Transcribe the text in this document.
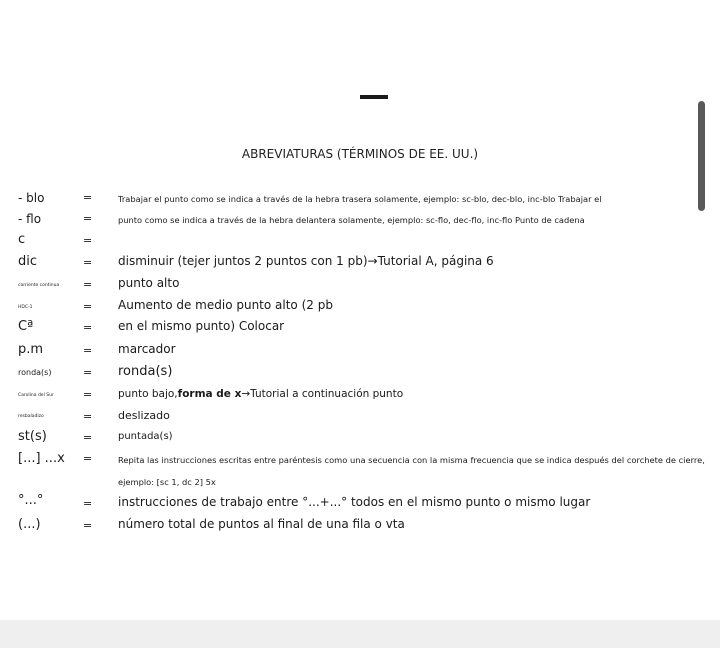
ABREVIATURAS (TÉRMINOS DE EE. UU.)
- blo	=	Trabajar el punto como se indica a través de la hebra trasera solamente, ejemplo: sc-blo, dec-blo, inc-blo Trabajar el
- flo	=	punto como se indica a través de la hebra delantera solamente, ejemplo: sc-flo, dec-flo, inc-flo Punto de cadena
c	=
dic	= disminuir (tejer juntos 2 puntos con 1 pb)→Tutorial A, página 6
corriente continua = punto alto
HDC-1	= Aumento de medio punto alto (2 pb
Cª	= en el mismo punto) Colocar
p.m	= marcador
ronda(s)	= ronda(s)
Carolina del Sur	= punto bajo,forma de x→Tutorial a continuación punto
resbaladizo	= deslizado
st(s)	=	puntada(s)
[...] ...x =	Repita las instrucciones escritas entre paréntesis como una secuencia con la misma frecuencia que se indica después del corchete de cierre, ejemplo: [sc 1, dc 2] 5x
°...°	= instrucciones de trabajo entre °...+...° todos en el mismo punto o mismo lugar
(...)	= número total de puntos al final de una fila o vta
